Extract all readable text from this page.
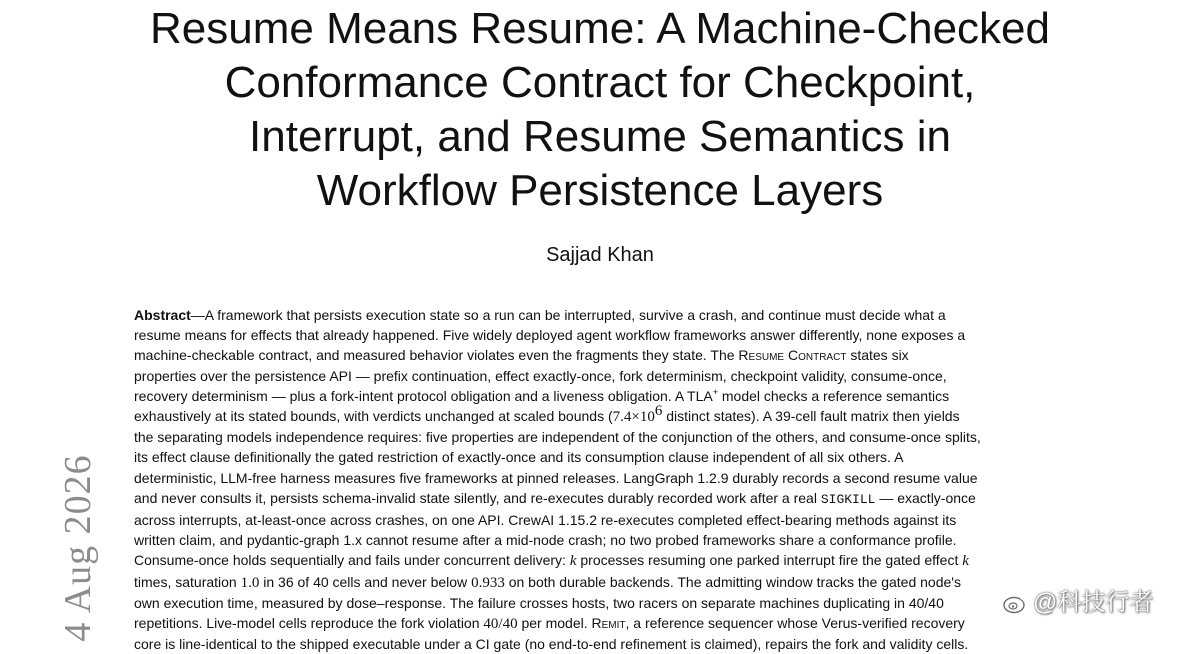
Resume Means Resume: A Machine-Checked
Conformance Contract for Checkpoint,
Interrupt, and Resume Semantics in
Workflow Persistence Layers
Sajjad Khan
Abstract—A framework that persists execution state so a run can be interrupted, survive a crash, and continue must decide what a
resume means for effects that already happened. Five widely deployed agent workflow frameworks answer differently, none exposes a
machine-checkable contract, and measured behavior violates even the fragments they state. The Resume Contract states six
properties over the persistence API — prefix continuation, effect exactly-once, fork determinism, checkpoint validity, consume-once,
recovery determinism — plus a fork-intent protocol obligation and a liveness obligation. A TLA+ model checks a reference semantics
exhaustively at its stated bounds, with verdicts unchanged at scaled bounds ($7.4\times 10^6$ distinct states). A 39-cell fault matrix then yields
the separating models independence requires: five properties are independent of the conjunction of the others, and consume-once splits,
its effect clause definitionally the gated restriction of exactly-once and its consumption clause independent of all six others. A
deterministic, LLM-free harness measures five frameworks at pinned releases. LangGraph 1.2.9 durably records a second resume value
and never consults it, persists schema-invalid state silently, and re-executes durably recorded work after a real SIGKILL — exactly-once
across interrupts, at-least-once across crashes, on one API. CrewAI 1.15.2 re-executes completed effect-bearing methods against its
written claim, and pydantic-graph 1.x cannot resume after a mid-node crash; no two probed frameworks share a conformance profile.
Consume-once holds sequentially and fails under concurrent delivery: k processes resuming one parked interrupt fire the gated effect k
times, saturation 1.0 in 36 of 40 cells and never below 0.933 on both durable backends. The admitting window tracks the gated node's
own execution time, measured by dose–response. The failure crosses hosts, two racers on separate machines duplicating in 40/40
repetitions. Live-model cells reproduce the fork violation 40/40 per model. Remit, a reference sequencer whose Verus-verified recovery
core is line-identical to the shipped executable under a CI gate (no end-to-end refinement is claimed), repairs the fork and validity cells.
4 Aug 2026	@科技行者
